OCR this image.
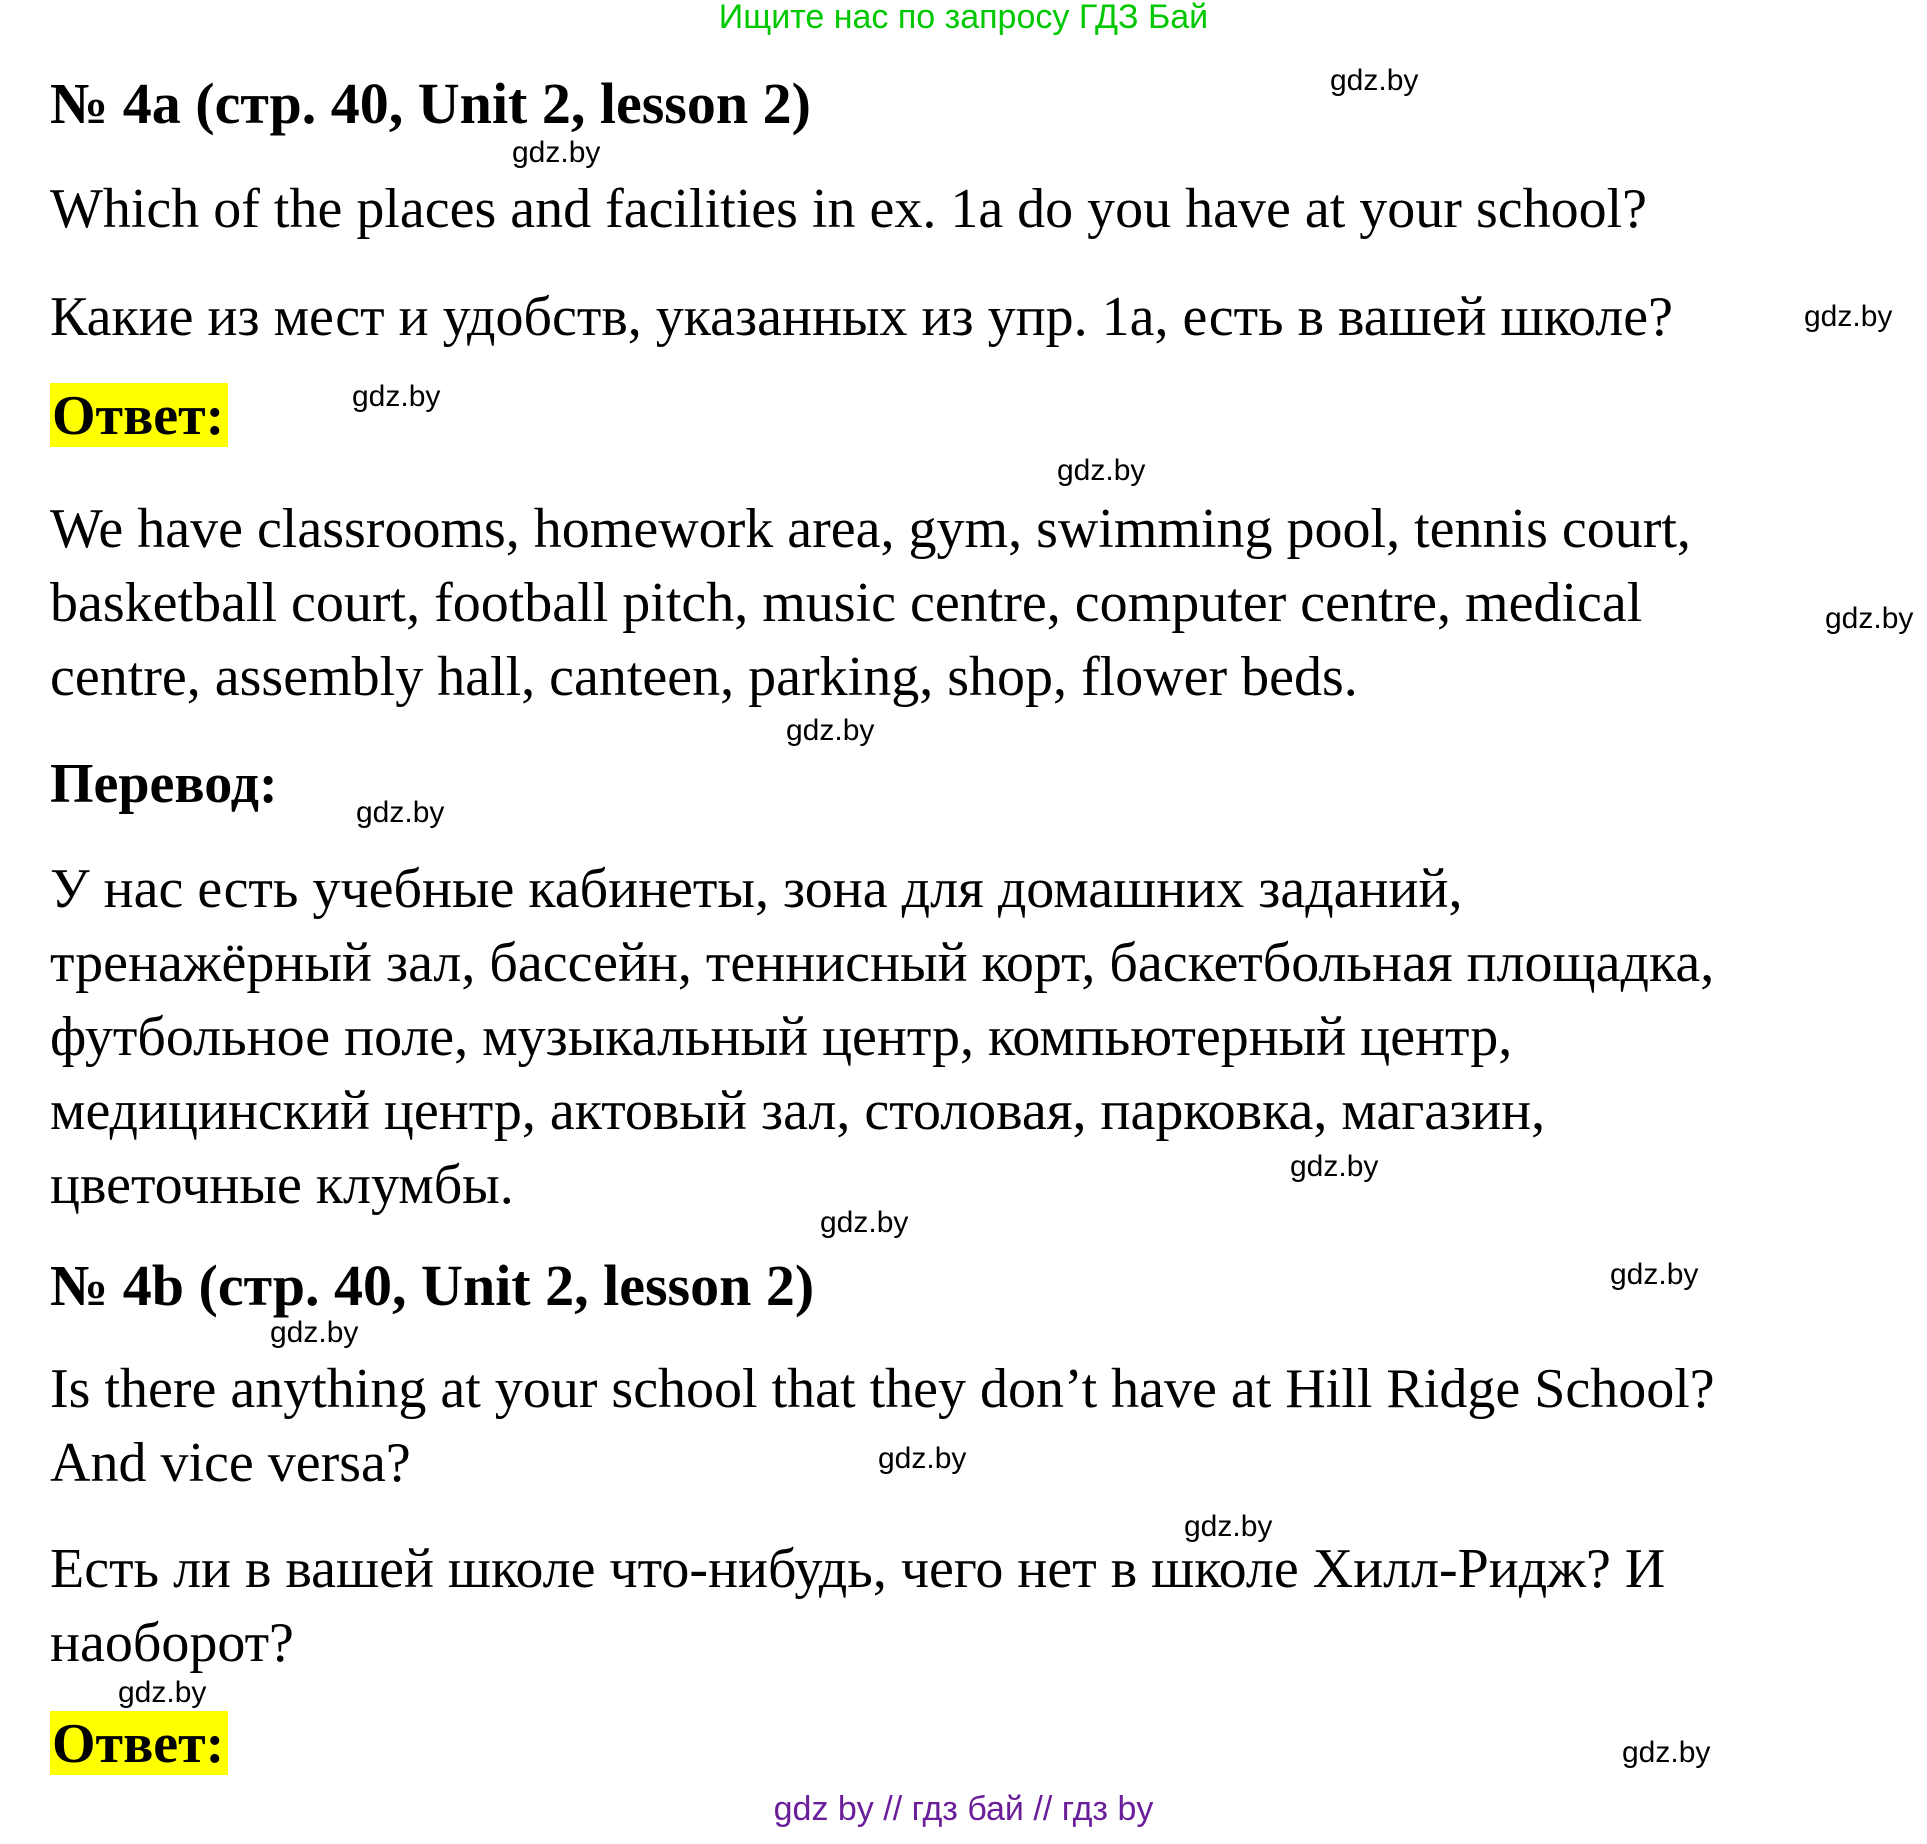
Ищите нас по запросу ГДЗ Бай
№ 4a (стр. 40, Unit 2, lesson 2)
Which of the places and facilities in ex. 1a do you have at your school?
Какие из мест и удобств, указанных из упр. 1а, есть в вашей школе?
Ответ:
We have classrooms, homework area, gym, swimming pool, tennis court,
basketball court, football pitch, music centre, computer centre, medical
centre, assembly hall, canteen, parking, shop, flower beds.
Перевод:
У нас есть учебные кабинеты, зона для домашних заданий,
тренажёрный зал, бассейн, теннисный корт, баскетбольная площадка,
футбольное поле, музыкальный центр, компьютерный центр,
медицинский центр, актовый зал, столовая, парковка, магазин,
цветочные клумбы.
№ 4b (стр. 40, Unit 2, lesson 2)
Is there anything at your school that they don’t have at Hill Ridge School?
And vice versa?
Есть ли в вашей школе что-нибудь, чего нет в школе Хилл-Ридж? И
наоборот?
Ответ:
gdz.by
gdz.by
gdz.by
gdz.by
gdz.by
gdz.by
gdz.by
gdz.by
gdz.by
gdz.by
gdz.by
gdz.by
gdz.by
gdz.by
gdz.by
gdz.by
gdz by // гдз бай // гдз by
